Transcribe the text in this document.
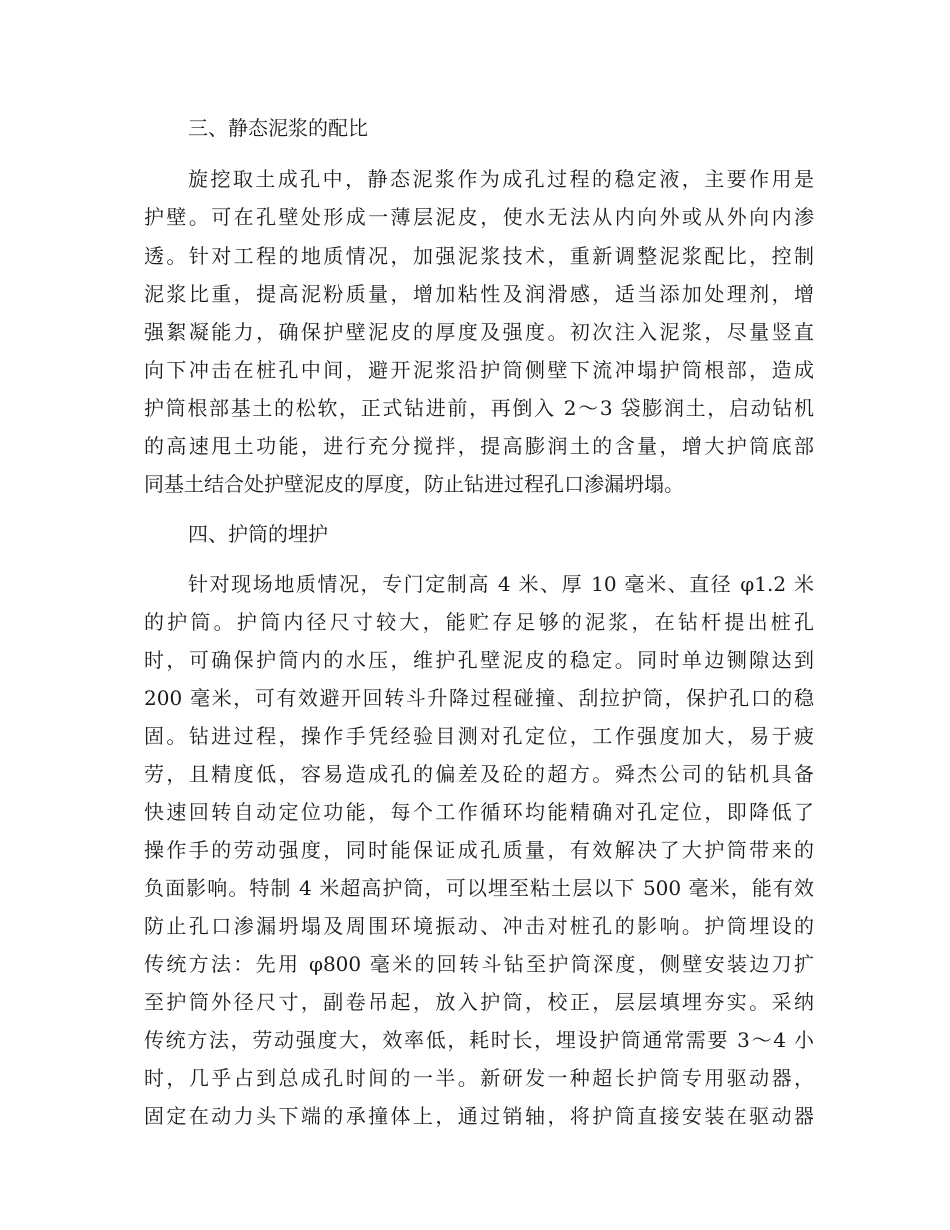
三、静态泥浆的配比
旋挖取土成孔中，静态泥浆作为成孔过程的稳定液，主要作用是
护壁。可在孔壁处形成一薄层泥皮，使水无法从内向外或从外向内渗
透。针对工程的地质情况，加强泥浆技术，重新调整泥浆配比，控制
泥浆比重，提高泥粉质量，增加粘性及润滑感，适当添加处理剂，增
强絮凝能力，确保护壁泥皮的厚度及强度。初次注入泥浆，尽量竖直
向下冲击在桩孔中间，避开泥浆沿护筒侧壁下流冲塌护筒根部，造成
护筒根部基土的松软，正式钻进前，再倒入 2～3 袋膨润土，启动钻机
的高速甩土功能，进行充分搅拌，提高膨润土的含量，增大护筒底部
同基土结合处护壁泥皮的厚度，防止钻进过程孔口渗漏坍塌。
四、护筒的埋护
针对现场地质情况，专门定制高 4 米、厚 10 毫米、直径 φ1.2 米
的护筒。护筒内径尺寸较大，能贮存足够的泥浆，在钻杆提出桩孔
时，可确保护筒内的水压，维护孔壁泥皮的稳定。同时单边铡隙达到
200 毫米，可有效避开回转斗升降过程碰撞、刮拉护筒，保护孔口的稳
固。钻进过程，操作手凭经验目测对孔定位，工作强度加大，易于疲
劳，且精度低，容易造成孔的偏差及砼的超方。舜杰公司的钻机具备
快速回转自动定位功能，每个工作循环均能精确对孔定位，即降低了
操作手的劳动强度，同时能保证成孔质量，有效解决了大护筒带来的
负面影响。特制 4 米超高护筒，可以埋至粘土层以下 500 毫米，能有效
防止孔口渗漏坍塌及周围环境振动、冲击对桩孔的影响。护筒埋设的
传统方法：先用 φ800 毫米的回转斗钻至护筒深度，侧壁安装边刀扩
至护筒外径尺寸，副卷吊起，放入护筒，校正，层层填埋夯实。采纳
传统方法，劳动强度大，效率低，耗时长，埋设护筒通常需要 3～4 小
时，几乎占到总成孔时间的一半。新研发一种超长护筒专用驱动器，
固定在动力头下端的承撞体上，通过销轴，将护筒直接安装在驱动器
